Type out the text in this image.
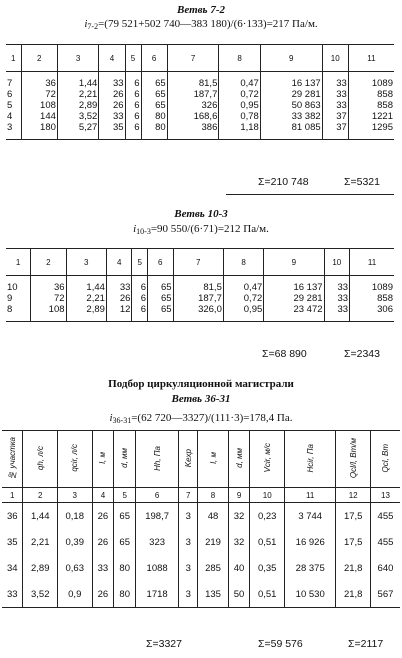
Ветвь 7-2
$i_{7-2}=(79$ 521+502 740—383 180)/(6·133)=217 Па/м.
1	2	3	4	5	6	7	8	9	10	11
7	36	1,44	33	6	65	81,5	0,47	16 137	33	1089
6	72	2,21	26	6	65	187,7	0,72	29 281	33	858
5	108	2,89	26	6	65	326	0,95	50 863	33	858
4	144	3,52	33	6	80	168,6	0,78	33 382	37	1221
3	180	5,27	35	6	80	386	1,18	81 085	37	1295
Σ=210 748	Σ=5321
Ветвь 10-3
$i_{10-3}=90$ 550/(6·71)=212 Па/м.
1	2	3	4	5	6	7	8	9	10	11
10	36	1,44	33	6	65	81,5	0,47	16 137	33	1089
9	72	2,21	26	6	65	187,7	0,72	29 281	33	858
8	108	2,89	12	6	65	326,0	0,95	23 472	33	306
Σ=68 890	Σ=2343
Подбор циркуляционной магистрали
Ветвь 36-31
$i_{36-31}=(62$ 720—3327)/(111·3)=178,4 Па.
№ участка	qh, л/с	qcir, л/с	l, м	d, мм	Hh, Па	Kexp	l, м	d, мм	Vcir, м/с	Hcir, Па	Qcl/l, Вт/м	Qcl, Вт
1	2	3	4	5	6	7	8	9	10	11	12	13
36	1,44	0,18	26	65	198,7	3	48	32	0,23	3 744	17,5	455
35	2,21	0,39	26	65	323	3	219	32	0,51	16 926	17,5	455
34	2,89	0,63	33	80	1088	3	285	40	0,35	28 375	21,8	640
33	3,52	0,9	26	80	1718	3	135	50	0,51	10 530	21,8	567
Σ=3327	Σ=59 576	Σ=2117
